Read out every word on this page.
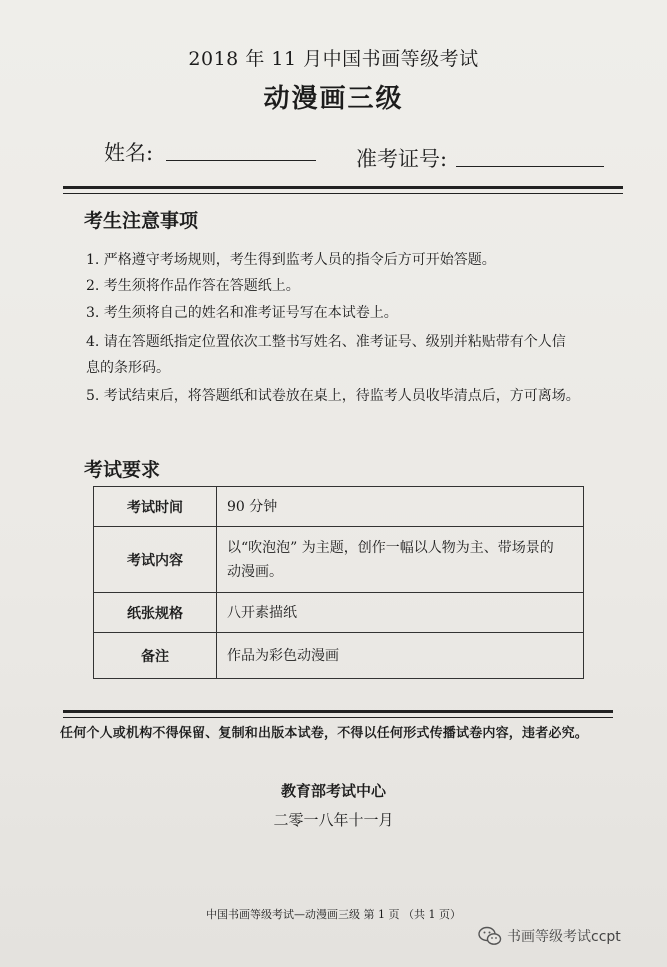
2018 年 11 月中国书画等级考试
动漫画三级
姓名:	准考证号:
考生注意事项
1. 严格遵守考场规则，考生得到监考人员的指令后方可开始答题。
2. 考生须将作品作答在答题纸上。
3. 考生须将自己的姓名和准考证号写在本试卷上。
4. 请在答题纸指定位置依次工整书写姓名、准考证号、级别并粘贴带有个人信
息的条形码。
5. 考试结束后，将答题纸和试卷放在桌上，待监考人员收毕清点后，方可离场。
考试要求
考试时间	90 分钟
考试内容	以“吹泡泡” 为主题，创作一幅以人物为主、带场景的
动漫画。

纸张规格	八开素描纸
备注	作品为彩色动漫画
任何个人或机构不得保留、复制和出版本试卷，不得以任何形式传播试卷内容，违者必究。
教育部考试中心
二零一八年十一月
中国书画等级考试—动漫画三级 第 1 页 （共 1 页）
书画等级考试ccpt
